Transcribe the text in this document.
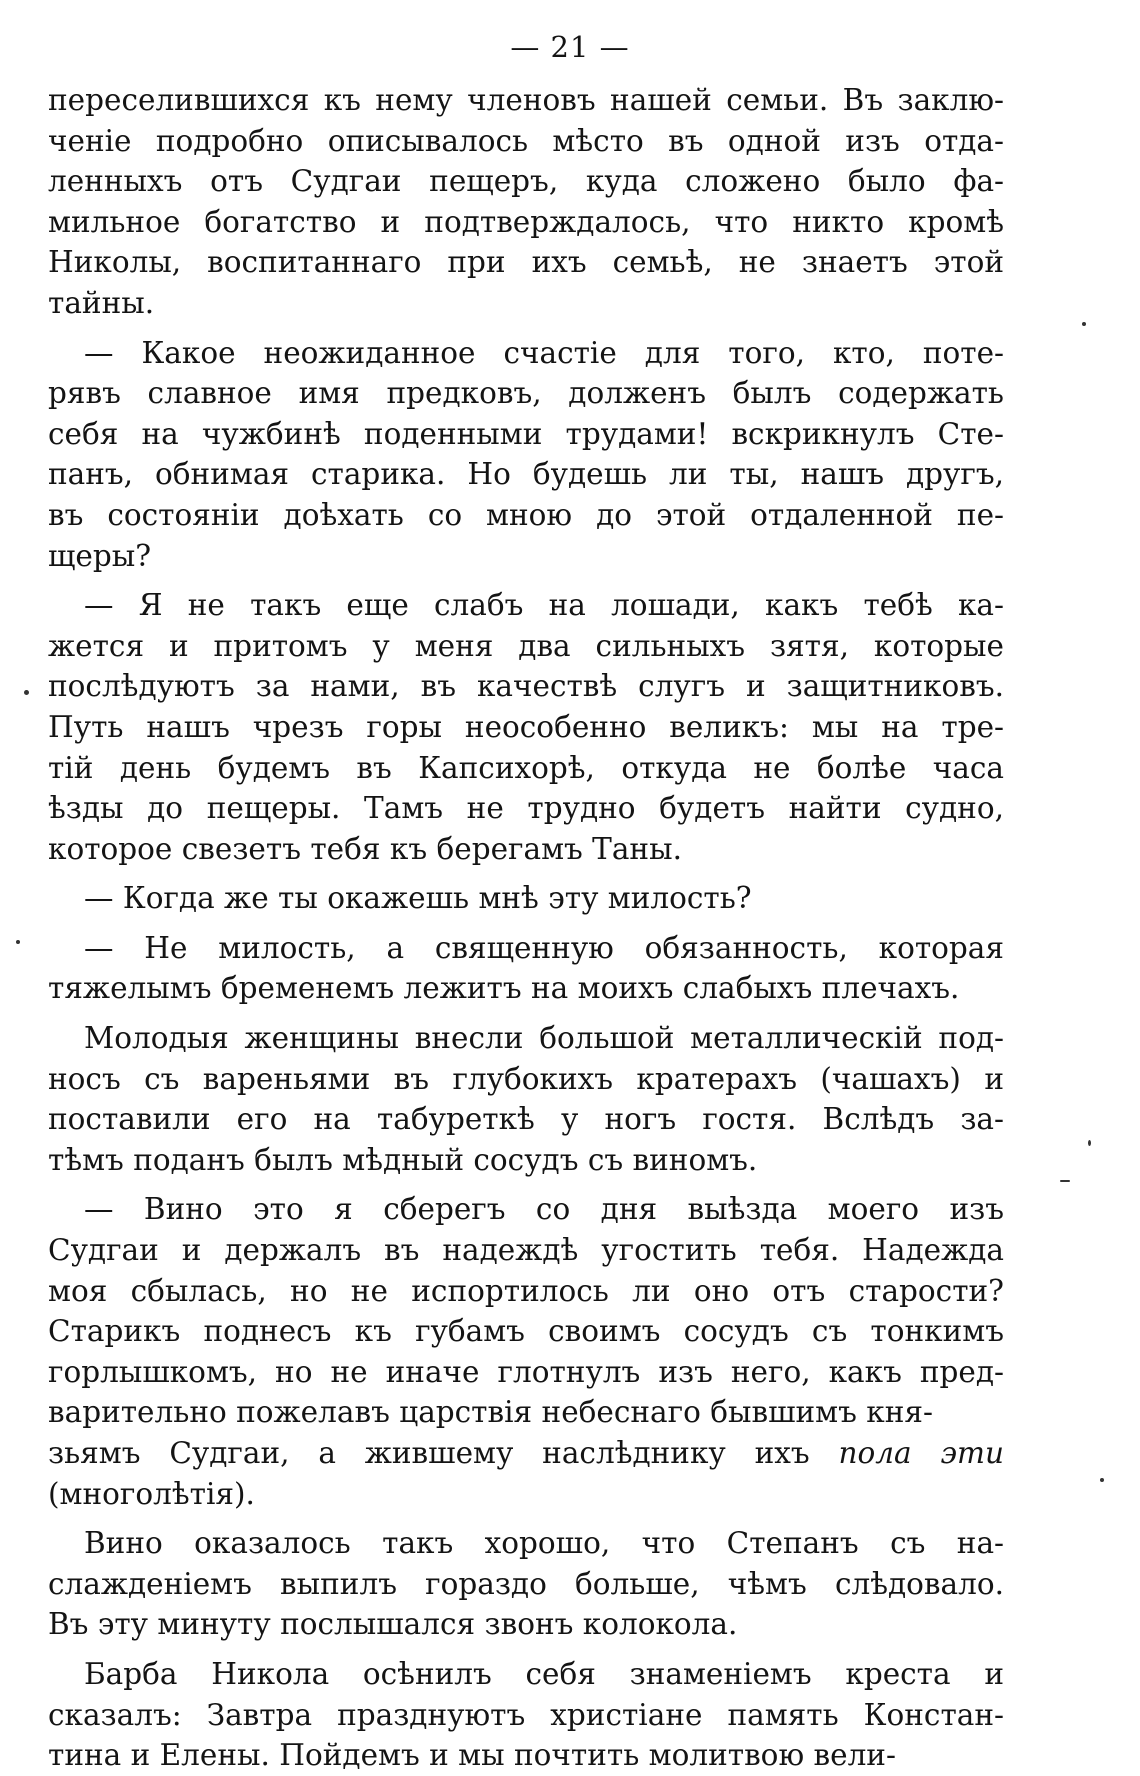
— 21 —
переселившихся къ нему членовъ нашей семьи. Въ заклю-
ченіе подробно описывалось мѣсто въ одной изъ отда-
ленныхъ отъ Судгаи пещеръ, куда сложено было фа-
мильное богатство и подтверждалось, что никто кромѣ
Николы, воспитаннаго при ихъ семьѣ, не знаетъ этой
тайны.
— Какое неожиданное счастіе для того, кто, поте-
рявъ славное имя предковъ, долженъ былъ содержать
себя на чужбинѣ поденными трудами! вскрикнулъ Сте-
панъ, обнимая старика. Но будешь ли ты, нашъ другъ,
въ состояніи доѣхать со мною до этой отдаленной пе-
щеры?
— Я не такъ еще слабъ на лошади, какъ тебѣ ка-
жется и притомъ у меня два сильныхъ зятя, которые
послѣдуютъ за нами, въ качествѣ слугъ и защитниковъ.
Путь нашъ чрезъ горы неособенно великъ: мы на тре-
тій день будемъ въ Капсихорѣ, откуда не болѣе часа
ѣзды до пещеры. Тамъ не трудно будетъ найти судно,
которое свезетъ тебя къ берегамъ Таны.
— Когда же ты окажешь мнѣ эту милость?
— Не милость, а священную обязанность, которая
тяжелымъ бременемъ лежитъ на моихъ слабыхъ плечахъ.
Молодыя женщины внесли большой металлическій под-
носъ съ вареньями въ глубокихъ кратерахъ (чашахъ) и
поставили его на табуреткѣ у ногъ гостя. Вслѣдъ за-
тѣмъ поданъ былъ мѣдный сосудъ съ виномъ.
— Вино это я сберегъ со дня выѣзда моего изъ
Судгаи и держалъ въ надеждѣ угостить тебя. Надежда
моя сбылась, но не испортилось ли оно отъ старости?
Старикъ поднесъ къ губамъ своимъ сосудъ съ тонкимъ
горлышкомъ, но не иначе глотнулъ изъ него, какъ пред-
варительно пожелавъ царствія небеснаго бывшимъ кня-
зьямъ Судгаи, а жившему наслѣднику ихъ пола эти
(многолѣтія).
Вино оказалось такъ хорошо, что Степанъ съ на-
слажденіемъ выпилъ гораздо больше, чѣмъ слѣдовало.
Въ эту минуту послышался звонъ колокола.
Барба Никола осѣнилъ себя знаменіемъ креста и
сказалъ: Завтра празднуютъ христіане память Констан-
тина и Елены. Пойдемъ и мы почтить молитвою вели-
